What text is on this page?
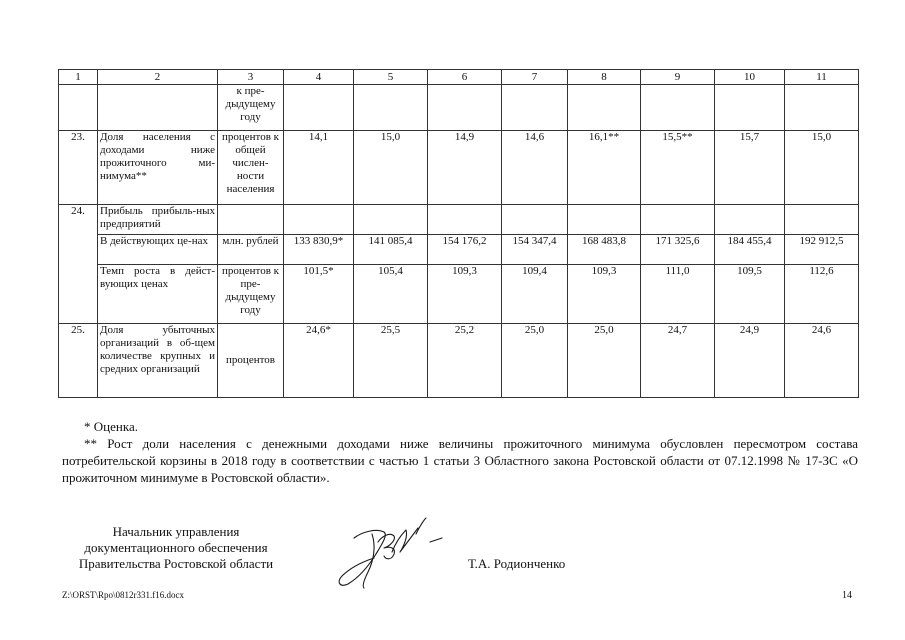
1	2	3	4	5	6	7	8	9	10	11
		к пре-
дыдущему
году								
23.	Доля населения с доходами ниже прожиточного ми-нимума**	процентов к общей числен-ности населения	14,1	15,0	14,9	14,6	16,1**	15,5**	15,7	15,0
24.	Прибыль прибыль-ных предприятий									
	В действующих це-нах	млн. рублей	133 830,9*	141 085,4	154 176,2	154 347,4	168 483,8	171 325,6	184 455,4	192 912,5
	Темп роста в дейст-вующих ценах	процентов к пре-дыдущему году	101,5*	105,4	109,3	109,4	109,3	111,0	109,5	112,6
25.	Доля убыточных организаций в об-щем количестве крупных и средних организаций	процентов	24,6*	25,5	25,2	25,0	25,0	24,7	24,9	24,6

* Оценка.

** Рост доли населения с денежными доходами ниже величины прожиточного минимума обусловлен пересмотром состава потребительской корзины в 2018 году в соответствии с частью 1 статьи 3 Областного закона Ростовской области от 07.12.1998 № 17-ЗС «О прожиточном минимуме в Ростовской области».

Начальник управления
документационного обеспечения
Правительства Ростовской области	Т.А. Родионченко
Z:\ORST\Rpo\0812r331.f16.docx	14
